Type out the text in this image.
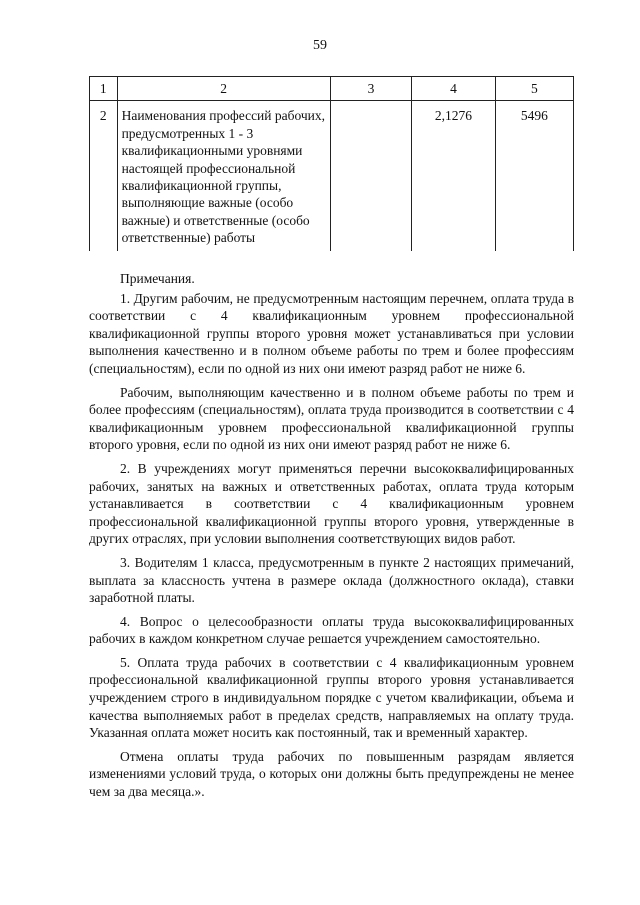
59
1	2	3	4	5
2	Наименования профессий рабочих, предусмотренных 1 - 3 квалификационными уровнями настоящей профессиональной квалификационной группы, выполняющие важные (особо важные) и ответственные (особо ответственные) работы		2,1276	5496

Примечания.

1. Другим рабочим, не предусмотренным настоящим перечнем, оплата труда в соответствии с 4 квалификационным уровнем профессиональной квалификационной группы второго уровня может устанавливаться при условии выполнения качественно и в полном объеме работы по трем и более профессиям (специальностям), если по одной из них они имеют разряд работ не ниже 6.

Рабочим, выполняющим качественно и в полном объеме работы по трем и более профессиям (специальностям), оплата труда производится в соответствии с 4 квалификационным уровнем профессиональной квалификационной группы второго уровня, если по одной из них они имеют разряд работ не ниже 6.

2. В учреждениях могут применяться перечни высококвалифицированных рабочих, занятых на важных и ответственных работах, оплата труда которым устанавливается в соответствии с 4 квалификационным уровнем профессиональной квалификационной группы второго уровня, утвержденные в других отраслях, при условии выполнения соответствующих видов работ.

3. Водителям 1 класса, предусмотренным в пункте 2 настоящих примечаний, выплата за классность учтена в размере оклада (должностного оклада), ставки заработной платы.

4. Вопрос о целесообразности оплаты труда высококвалифицированных рабочих в каждом конкретном случае решается учреждением самостоятельно.

5. Оплата труда рабочих в соответствии с 4 квалификационным уровнем профессиональной квалификационной группы второго уровня устанавливается учреждением строго в индивидуальном порядке с учетом квалификации, объема и качества выполняемых работ в пределах средств, направляемых на оплату труда. Указанная оплата может носить как постоянный, так и временный характер.

Отмена оплаты труда рабочих по повышенным разрядам является изменениями условий труда, о которых они должны быть предупреждены не менее чем за два месяца.».
